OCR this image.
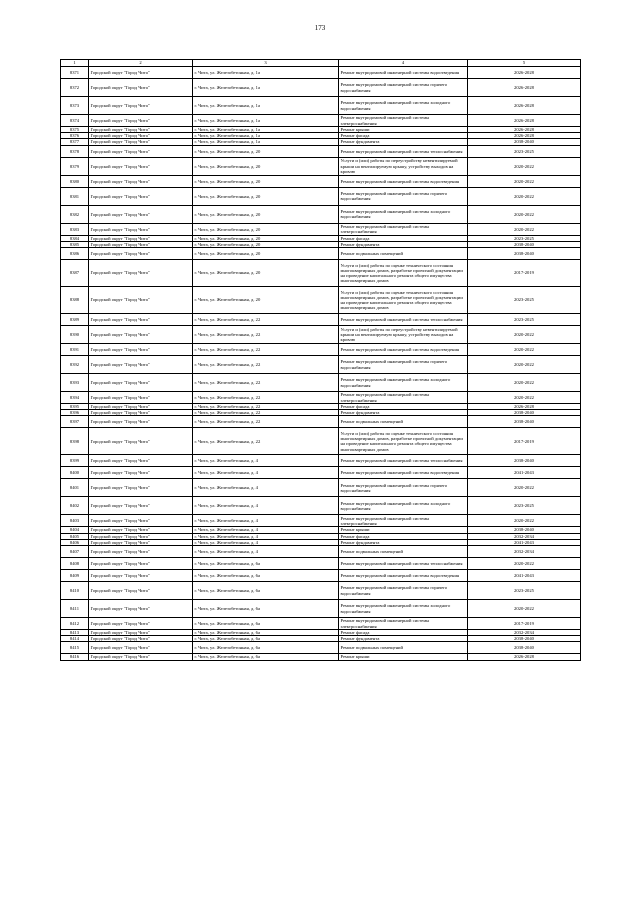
173
1	2	3	4	5
8371	Городской округ "Город Чита"	г. Чита, ул. Железобетонная, д. 1а	Ремонт внутридомовой инженерной системы водоотведения	2026-2028
8372	Городской округ "Город Чита"	г. Чита, ул. Железобетонная, д. 1а	Ремонт внутридомовой инженерной системы горячего водоснабжения	2026-2028
8373	Городской округ "Город Чита"	г. Чита, ул. Железобетонная, д. 1а	Ремонт внутридомовой инженерной системы холодного водоснабжения	2026-2028
8374	Городской округ "Город Чита"	г. Чита, ул. Железобетонная, д. 1а	Ремонт внутридомовой инженерной системы электроснабжения	2026-2028
8375	Городской округ "Город Чита"	г. Чита, ул. Железобетонная, д. 1а	Ремонт крыши	2026-2028
8376	Городской округ "Город Чита"	г. Чита, ул. Железобетонная, д. 1а	Ремонт фасада	2026-2028
8377	Городской округ "Город Чита"	г. Чита, ул. Железобетонная, д. 1а	Ремонт фундамента	2038-2040
8378	Городской округ "Город Чита"	г. Чита, ул. Железобетонная, д. 20	Ремонт внутридомовой инженерной системы теплоснабжения	2023-2025
8379	Городской округ "Город Чита"	г. Чита, ул. Железобетонная, д. 20	Услуги и (или) работы по переустройству невентилируемой крыши на вентилируемую крышу, устройству выходов на кровлю	2020-2022
8380	Городской округ "Город Чита"	г. Чита, ул. Железобетонная, д. 20	Ремонт внутридомовой инженерной системы водоотведения	2020-2022
8381	Городской округ "Город Чита"	г. Чита, ул. Железобетонная, д. 20	Ремонт внутридомовой инженерной системы горячего водоснабжения	2020-2022
8382	Городской округ "Город Чита"	г. Чита, ул. Железобетонная, д. 20	Ремонт внутридомовой инженерной системы холодного водоснабжения	2020-2022
8383	Городской округ "Город Чита"	г. Чита, ул. Железобетонная, д. 20	Ремонт внутридомовой инженерной системы электроснабжения	2020-2022
8384	Городской округ "Город Чита"	г. Чита, ул. Железобетонная, д. 20	Ремонт фасада	2023-2025
8385	Городской округ "Город Чита"	г. Чита, ул. Железобетонная, д. 20	Ремонт фундамента	2038-2040
8386	Городской округ "Город Чита"	г. Чита, ул. Железобетонная, д. 20	Ремонт подвальных помещений	2038-2040
8387	Городской округ "Город Чита"	г. Чита, ул. Железобетонная, д. 20	Услуги и (или) работы по оценке технического состояния многоквартирных домов, разработке проектной документации на проведение капитального ремонта общего имущества многоквартирных домов	2017-2019
8388	Городской округ "Город Чита"	г. Чита, ул. Железобетонная, д. 20	Услуги и (или) работы по оценке технического состояния многоквартирных домов, разработке проектной документации на проведение капитального ремонта общего имущества многоквартирных домов	2023-2025
8389	Городской округ "Город Чита"	г. Чита, ул. Железобетонная, д. 22	Ремонт внутридомовой инженерной системы теплоснабжения	2023-2025
8390	Городской округ "Город Чита"	г. Чита, ул. Железобетонная, д. 22	Услуги и (или) работы по переустройству невентилируемой крыши на вентилируемую крышу, устройству выходов на кровлю	2020-2022
8391	Городской округ "Город Чита"	г. Чита, ул. Железобетонная, д. 22	Ремонт внутридомовой инженерной системы водоотведения	2020-2022
8392	Городской округ "Город Чита"	г. Чита, ул. Железобетонная, д. 22	Ремонт внутридомовой инженерной системы горячего водоснабжения	2020-2022
8393	Городской округ "Город Чита"	г. Чита, ул. Железобетонная, д. 22	Ремонт внутридомовой инженерной системы холодного водоснабжения	2020-2022
8394	Городской округ "Город Чита"	г. Чита, ул. Железобетонная, д. 22	Ремонт внутридомовой инженерной системы электроснабжения	2020-2022
8395	Городской округ "Город Чита"	г. Чита, ул. Железобетонная, д. 22	Ремонт фасада	2026-2028
8396	Городской округ "Город Чита"	г. Чита, ул. Железобетонная, д. 22	Ремонт фундамента	2038-2040
8397	Городской округ "Город Чита"	г. Чита, ул. Железобетонная, д. 22	Ремонт подвальных помещений	2038-2040
8398	Городской округ "Город Чита"	г. Чита, ул. Железобетонная, д. 22	Услуги и (или) работы по оценке технического состояния многоквартирных домов, разработке проектной документации на проведение капитального ремонта общего имущества многоквартирных домов	2017-2019
8399	Городской округ "Город Чита"	г. Чита, ул. Железобетонная, д. 4	Ремонт внутридомовой инженерной системы теплоснабжения	2038-2040
8400	Городской округ "Город Чита"	г. Чита, ул. Железобетонная, д. 4	Ремонт внутридомовой инженерной системы водоотведения	2041-2043
8401	Городской округ "Город Чита"	г. Чита, ул. Железобетонная, д. 4	Ремонт внутридомовой инженерной системы горячего водоснабжения	2020-2022
8402	Городской округ "Город Чита"	г. Чита, ул. Железобетонная, д. 4	Ремонт внутридомовой инженерной системы холодного водоснабжения	2023-2025
8403	Городской округ "Город Чита"	г. Чита, ул. Железобетонная, д. 4	Ремонт внутридомовой инженерной системы электроснабжения	2020-2022
8404	Городской округ "Город Чита"	г. Чита, ул. Железобетонная, д. 4	Ремонт крыши	2038-2040
8405	Городской округ "Город Чита"	г. Чита, ул. Железобетонная, д. 4	Ремонт фасада	2032-2034
8406	Городской округ "Город Чита"	г. Чита, ул. Железобетонная, д. 4	Ремонт фундамента	2041-2043
8407	Городской округ "Город Чита"	г. Чита, ул. Железобетонная, д. 4	Ремонт подвальных помещений	2032-2034
8408	Городской округ "Город Чита"	г. Чита, ул. Железобетонная, д. 6а	Ремонт внутридомовой инженерной системы теплоснабжения	2020-2022
8409	Городской округ "Город Чита"	г. Чита, ул. Железобетонная, д. 6а	Ремонт внутридомовой инженерной системы водоотведения	2041-2043
8410	Городской округ "Город Чита"	г. Чита, ул. Железобетонная, д. 6а	Ремонт внутридомовой инженерной системы горячего водоснабжения	2023-2025
8411	Городской округ "Город Чита"	г. Чита, ул. Железобетонная, д. 6а	Ремонт внутридомовой инженерной системы холодного водоснабжения	2020-2022
8412	Городской округ "Город Чита"	г. Чита, ул. Железобетонная, д. 6а	Ремонт внутридомовой инженерной системы электроснабжения	2017-2019
8413	Городской округ "Город Чита"	г. Чита, ул. Железобетонная, д. 6а	Ремонт фасада	2032-2034
8414	Городской округ "Город Чита"	г. Чита, ул. Железобетонная, д. 6а	Ремонт фундамента	2038-2040
8415	Городской округ "Город Чита"	г. Чита, ул. Железобетонная, д. 6а	Ремонт подвальных помещений	2038-2040
8416	Городской округ "Город Чита"	г. Чита, ул. Железобетонная, д. 6а	Ремонт крыши	2026-2028
